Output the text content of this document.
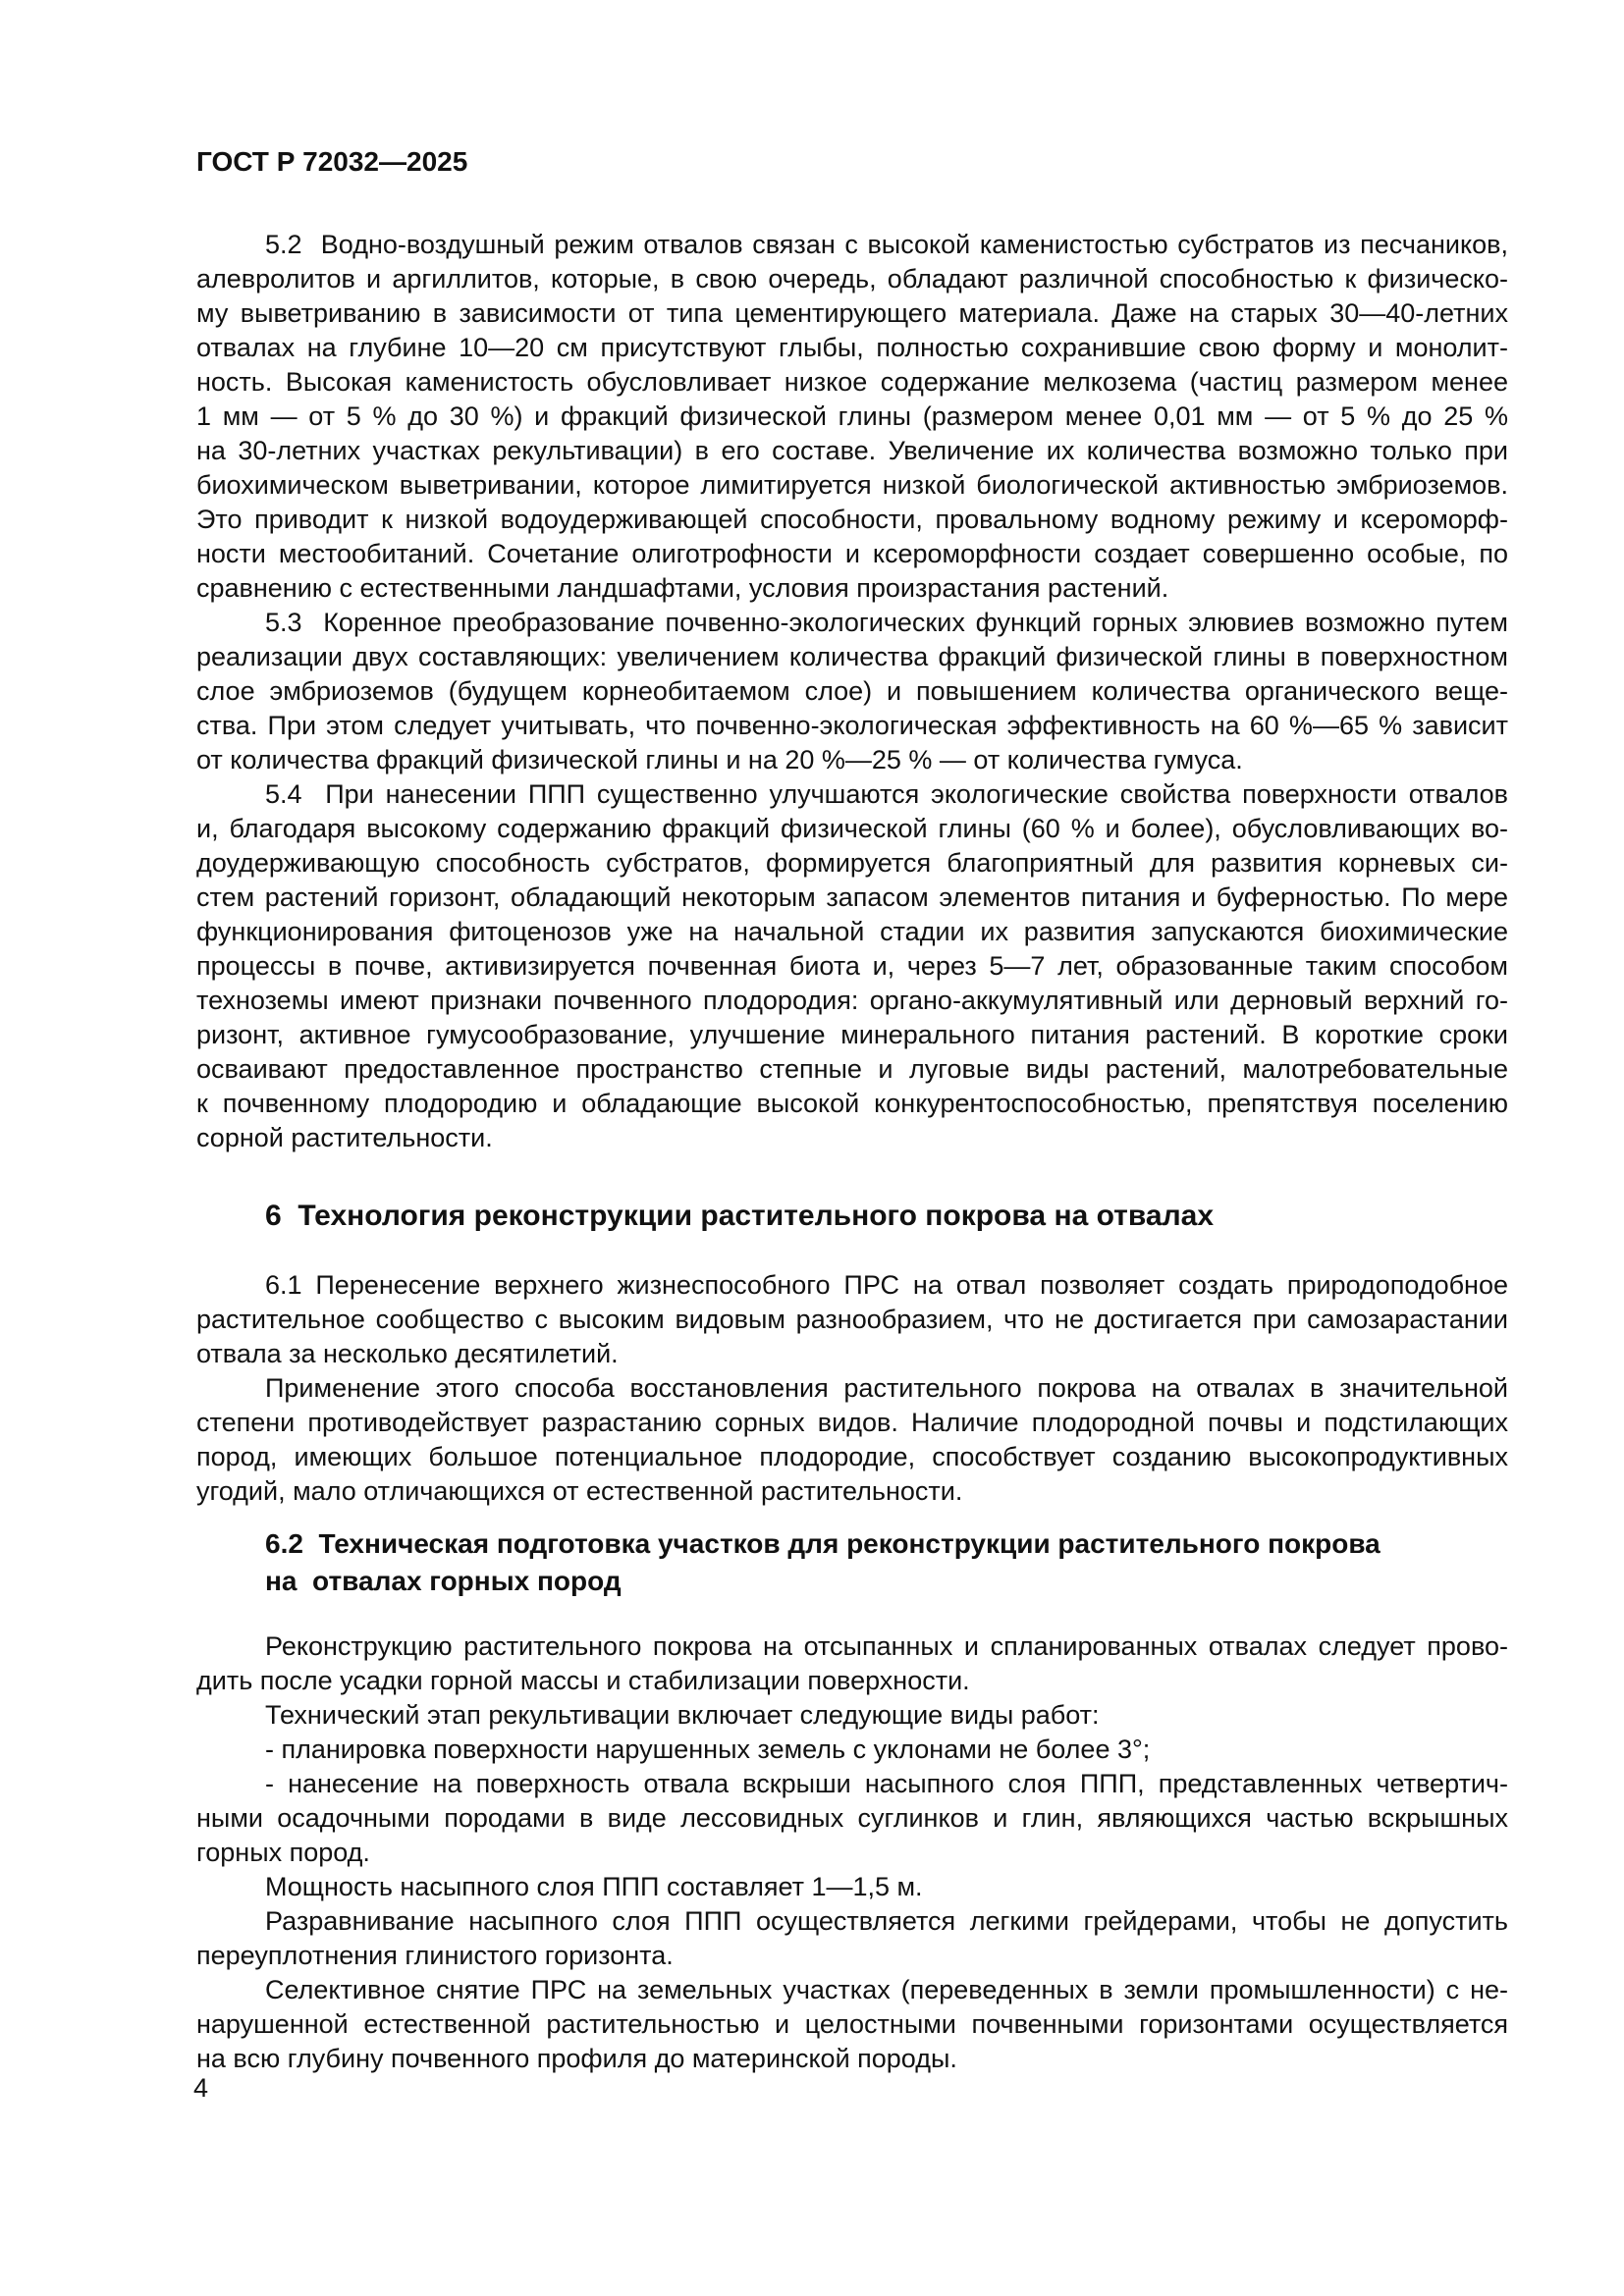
ГОСТ Р 72032—2025
5.2  Водно-воздушный режим отвалов связан с высокой каменистостью субстратов из песчаников,
алевролитов и аргиллитов, которые, в свою очередь, обладают различной способностью к физическо-
му выветриванию в зависимости от типа цементирующего материала. Даже на старых 30—40-летних
отвалах на глубине 10—20 см присутствуют глыбы, полностью сохранившие свою форму и монолит-
ность. Высокая каменистость обусловливает низкое содержание мелкозема (частиц размером менее
1 мм — от 5 % до 30 %) и фракций физической глины (размером менее 0,01 мм — от 5 % до 25 %
на 30-летних участках рекультивации) в его составе. Увеличение их количества возможно только при
биохимическом выветривании, которое лимитируется низкой биологической активностью эмбриоземов.
Это приводит к низкой водоудерживающей способности, провальному водному режиму и ксероморф-
ности местообитаний. Сочетание олиготрофности и ксероморфности создает совершенно особые, по
сравнению с естественными ландшафтами, условия произрастания растений.
5.3  Коренное преобразование почвенно-экологических функций горных элювиев возможно путем
реализации двух составляющих: увеличением количества фракций физической глины в поверхностном
слое эмбриоземов (будущем корнеобитаемом слое) и повышением количества органического веще-
ства. При этом следует учитывать, что почвенно-экологическая эффективность на 60 %—65 % зависит
от количества фракций физической глины и на 20 %—25 % — от количества гумуса.
5.4  При нанесении ППП существенно улучшаются экологические свойства поверхности отвалов
и, благодаря высокому содержанию фракций физической глины (60 % и более), обусловливающих во-
доудерживающую способность субстратов, формируется благоприятный для развития корневых си-
стем растений горизонт, обладающий некоторым запасом элементов питания и буферностью. По мере
функционирования фитоценозов уже на начальной стадии их развития запускаются биохимические
процессы в почве, активизируется почвенная биота и, через 5—7 лет, образованные таким способом
техноземы имеют признаки почвенного плодородия: органо-аккумулятивный или дерновый верхний го-
ризонт, активное гумусообразование, улучшение минерального питания растений. В короткие сроки
осваивают предоставленное пространство степные и луговые виды растений, малотребовательные
к почвенному плодородию и обладающие высокой конкурентоспособностью, препятствуя поселению
сорной растительности.
6  Технология реконструкции растительного покрова на отвалах
6.1 Перенесение верхнего жизнеспособного ПРС на отвал позволяет создать природоподобное
растительное сообщество с высоким видовым разнообразием, что не достигается при самозарастании
отвала за несколько десятилетий.
Применение этого способа восстановления растительного покрова на отвалах в значительной
степени противодействует разрастанию сорных видов. Наличие плодородной почвы и подстилающих
пород, имеющих большое потенциальное плодородие, способствует созданию высокопродуктивных
угодий, мало отличающихся от естественной растительности.
6.2  Техническая подготовка участков для реконструкции растительного покрова
на  отвалах горных пород
Реконструкцию растительного покрова на отсыпанных и спланированных отвалах следует прово-
дить после усадки горной массы и стабилизации поверхности.
Технический этап рекультивации включает следующие виды работ:
- планировка поверхности нарушенных земель с уклонами не более 3°;
- нанесение на поверхность отвала вскрыши насыпного слоя ППП, представленных четвертич-
ными осадочными породами в виде лессовидных суглинков и глин, являющихся частью вскрышных
горных пород.
Мощность насыпного слоя ППП составляет 1—1,5 м.
Разравнивание насыпного слоя ППП осуществляется легкими грейдерами, чтобы не допустить
переуплотнения глинистого горизонта.
Селективное снятие ПРС на земельных участках (переведенных в земли промышленности) с не-
нарушенной естественной растительностью и целостными почвенными горизонтами осуществляется
на всю глубину почвенного профиля до материнской породы.
4
